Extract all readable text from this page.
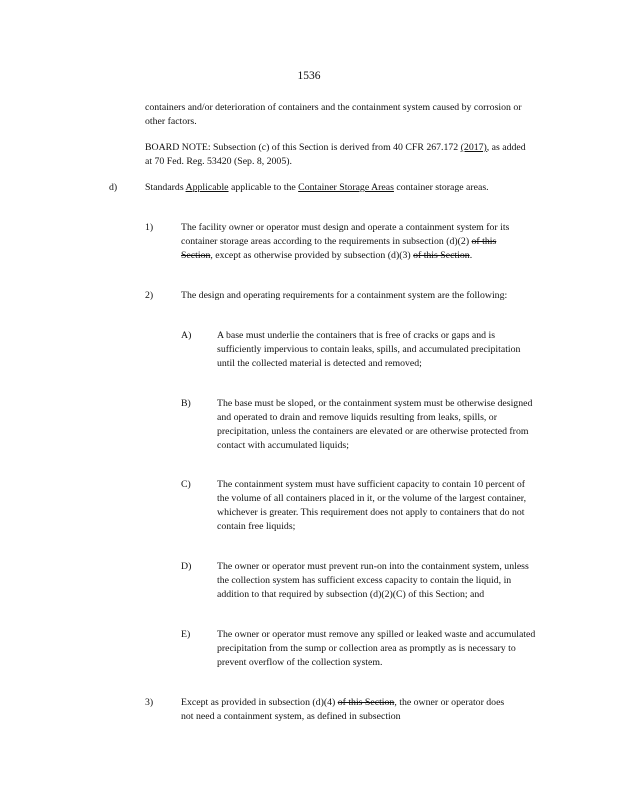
1536

containers and/or deterioration of containers and the containment system caused by corrosion or other factors.

BOARD NOTE: Subsection (c) of this Section is derived from 40 CFR 267.172 (2017), as added at 70 Fed. Reg. 53420 (Sep. 8, 2005).

d)	Standards Applicable applicable to the Container Storage Areas container storage areas.

1)	The facility owner or operator must design and operate a containment system for its container storage areas according to the requirements in subsection (d)(2) of this Section, except as otherwise provided by subsection (d)(3) of this Section.

2)	The design and operating requirements for a containment system are the following:

A)	A base must underlie the containers that is free of cracks or gaps and is sufficiently impervious to contain leaks, spills, and accumulated precipitation until the collected material is detected and removed;

B)	The base must be sloped, or the containment system must be otherwise designed and operated to drain and remove liquids resulting from leaks, spills, or precipitation, unless the containers are elevated or are otherwise protected from contact with accumulated liquids;

C)	The containment system must have sufficient capacity to contain 10 percent of the volume of all containers placed in it, or the volume of the largest container, whichever is greater. This requirement does not apply to containers that do not contain free liquids;

D)	The owner or operator must prevent run-on into the containment system, unless the collection system has sufficient excess capacity to contain the liquid, in addition to that required by subsection (d)(2)(C) of this Section; and

E)	The owner or operator must remove any spilled or leaked waste and accumulated precipitation from the sump or collection area as promptly as is necessary to prevent overflow of the collection system.

3)	Except as provided in subsection (d)(4) of this Section, the owner or operator does not need a containment system, as defined in subsection
